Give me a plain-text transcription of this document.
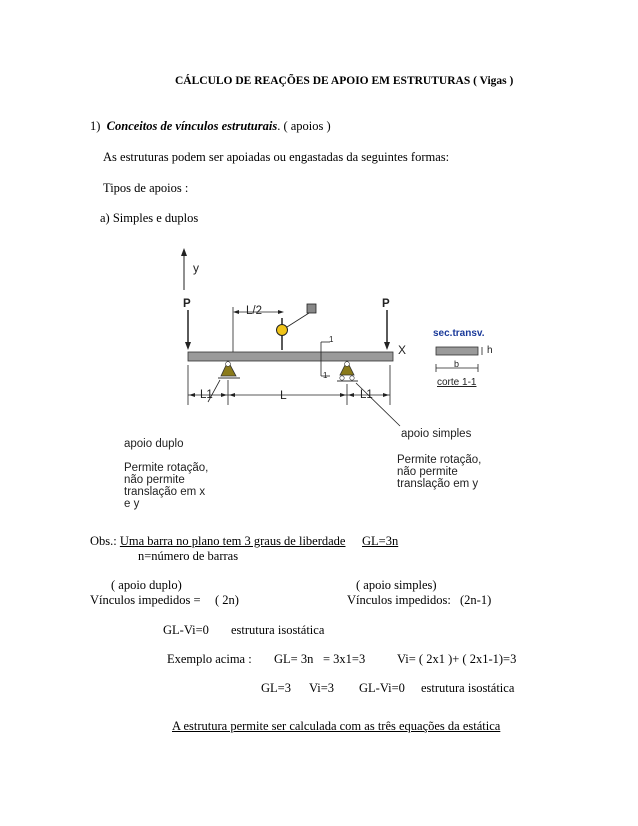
CÁLCULO DE REAÇÕES DE APOIO EM ESTRUTURAS ( Vigas )
1) Conceitos de vínculos estruturais. ( apoios )
As estruturas podem ser apoiadas ou engastadas da seguintes formas:
Tipos de apoios :
a) Simples e duplos
y
X
P	P
L/2
L
L1	L1
1
1
sec.transv.
h
b
corte 1-1
apoio duplo
Permite rotação,
não permite
translação em x
e y
apoio simples
Permite rotação,
não permite
translação em y
Obs.: Uma barra no plano tem 3 graus de liberdade GL=3n
n=número de barras
( apoio duplo)	( apoio simples)
Vínculos impedidos = ( 2n)	Vínculos impedidos: (2n-1)
GL-Vi=0 estrutura isostática
Exemplo acima : GL= 3n = 3x1=3	Vi= ( 2x1 )+ ( 2x1-1)=3
GL=3 Vi=3 GL-Vi=0 estrutura isostática
A estrutura permite ser calculada com as três equações da estática
